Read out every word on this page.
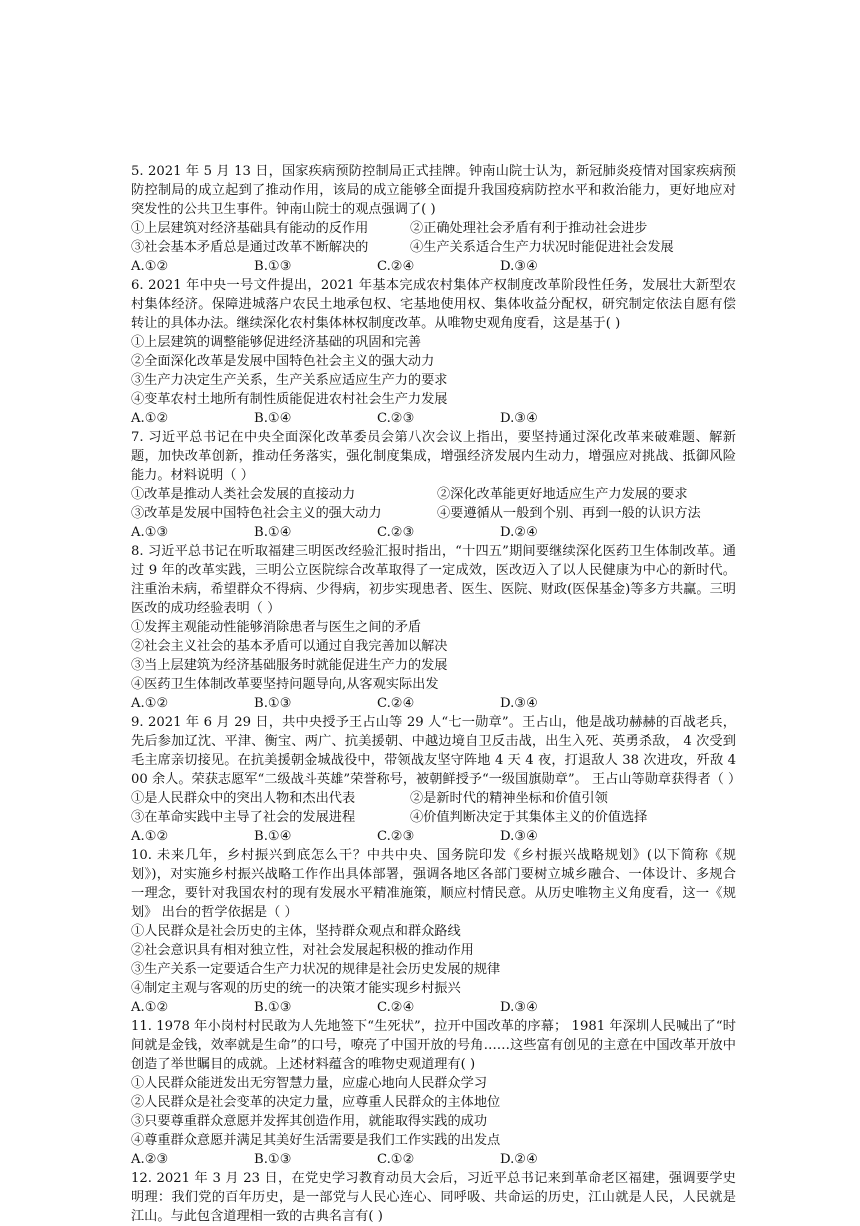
5. 2021 年 5 月 13 日，国家疾病预防控制局正式挂牌。钟南山院士认为，新冠肺炎疫情对国家疾病预防控制局的成立起到了推动作用，该局的成立能够全面提升我国疫病防控水平和救治能力，更好地应对突发性的公共卫生事件。钟南山院士的观点强调了( )

①上层建筑对经济基础具有能动的反作用	②正确处理社会矛盾有利于推动社会进步
③社会基本矛盾总是通过改革不断解决的	④生产关系适合生产力状况时能促进社会发展
A.①②	B.①③	C.②④	D.③④

6. 2021 年中央一号文件提出，2021 年基本完成农村集体产权制度改革阶段性任务，发展壮大新型农村集体经济。保障进城落户农民土地承包权、宅基地使用权、集体收益分配权，研究制定依法自愿有偿转让的具体办法。继续深化农村集体林权制度改革。从唯物史观角度看，这是基于( )

①上层建筑的调整能够促进经济基础的巩固和完善

②全面深化改革是发展中国特色社会主义的强大动力

③生产力决定生产关系，生产关系应适应生产力的要求

④变革农村土地所有制性质能促进农村社会生产力发展

A.①②	B.①④	C.②③	D.③④

7. 习近平总书记在中央全面深化改革委员会第八次会议上指出，要坚持通过深化改革来破难题、解新题，加快改革创新，推动任务落实，强化制度集成，增强经济发展内生动力，增强应对挑战、抵御风险能力。材料说明（ ）

①改革是推动人类社会发展的直接动力	②深化改革能更好地适应生产力发展的要求
③改革是发展中国特色社会主义的强大动力	④要遵循从一般到个别、再到一般的认识方法
A.①③	B.①④	C.②③	D.②④

8. 习近平总书记在听取福建三明医改经验汇报时指出，“十四五”期间要继续深化医药卫生体制改革。通过 9 年的改革实践，三明公立医院综合改革取得了一定成效，医改迈入了以人民健康为中心的新时代。注重治未病，希望群众不得病、少得病，初步实现患者、医生、医院、财政(医保基金)等多方共赢。三明医改的成功经验表明（ ）

①发挥主观能动性能够消除患者与医生之间的矛盾

②社会主义社会的基本矛盾可以通过自我完善加以解决

③当上层建筑为经济基础服务时就能促进生产力的发展

④医药卫生体制改革要坚持问题导向,从客观实际出发

A.①②	B.①③	C.②④	D.③④

9. 2021 年 6 月 29 日，共中央授予王占山等 29 人“七一勋章”。王占山，他是战功赫赫的百战老兵，先后参加辽沈、平津、衡宝、两广、抗美援朝、中越边境自卫反击战，出生入死、英勇杀敌， 4 次受到毛主席亲切接见。在抗美援朝金城战役中，带领战友坚守阵地 4 天 4 夜，打退敌人 38 次进攻，歼敌 400 余人。荣获志愿军“二级战斗英雄”荣誉称号，被朝鲜授予“一级国旗勋章”。 王占山等勋章获得者（ ）

①是人民群众中的突出人物和杰出代表	②是新时代的精神坐标和价值引领
③在革命实践中主导了社会的发展进程	④价值判断决定于其集体主义的价值选择
A.①②	B.①④	C.②③	D.③④

10. 未来几年，乡村振兴到底怎么干？中共中央、国务院印发《乡村振兴战略规划》(以下简称《规划》)，对实施乡村振兴战略工作作出具体部署，强调各地区各部门要树立城乡融合、一体设计、多规合一理念，要针对我国农村的现有发展水平精准施策，顺应村情民意。从历史唯物主义角度看，这一《规划》 出台的哲学依据是（ ）

①人民群众是社会历史的主体，坚持群众观点和群众路线

②社会意识具有相对独立性，对社会发展起积极的推动作用

③生产关系一定要适合生产力状况的规律是社会历史发展的规律

④制定主观与客观的历史的统一的决策才能实现乡村振兴

A.①②	B.①③	C.②④	D.③④

11. 1978 年小岗村村民敢为人先地签下“生死状”，拉开中国改革的序幕； 1981 年深圳人民喊出了“时间就是金钱，效率就是生命”的口号，嘹亮了中国开放的号角……这些富有创见的主意在中国改革开放中创造了举世瞩目的成就。上述材料蕴含的唯物史观道理有( )

①人民群众能迸发出无穷智慧力量，应虚心地向人民群众学习

②人民群众是社会变革的决定力量，应尊重人民群众的主体地位

③只要尊重群众意愿并发挥其创造作用，就能取得实践的成功

④尊重群众意愿并满足其美好生活需要是我们工作实践的出发点

A.②③	B.①③	C.①②	D.②④

12. 2021 年 3 月 23 日，在党史学习教育动员大会后，习近平总书记来到革命老区福建，强调要学史明理：我们党的百年历史，是一部党与人民心连心、同呼吸、共命运的历史，江山就是人民，人民就是江山。与此包含道理相一致的古典名言有( )
